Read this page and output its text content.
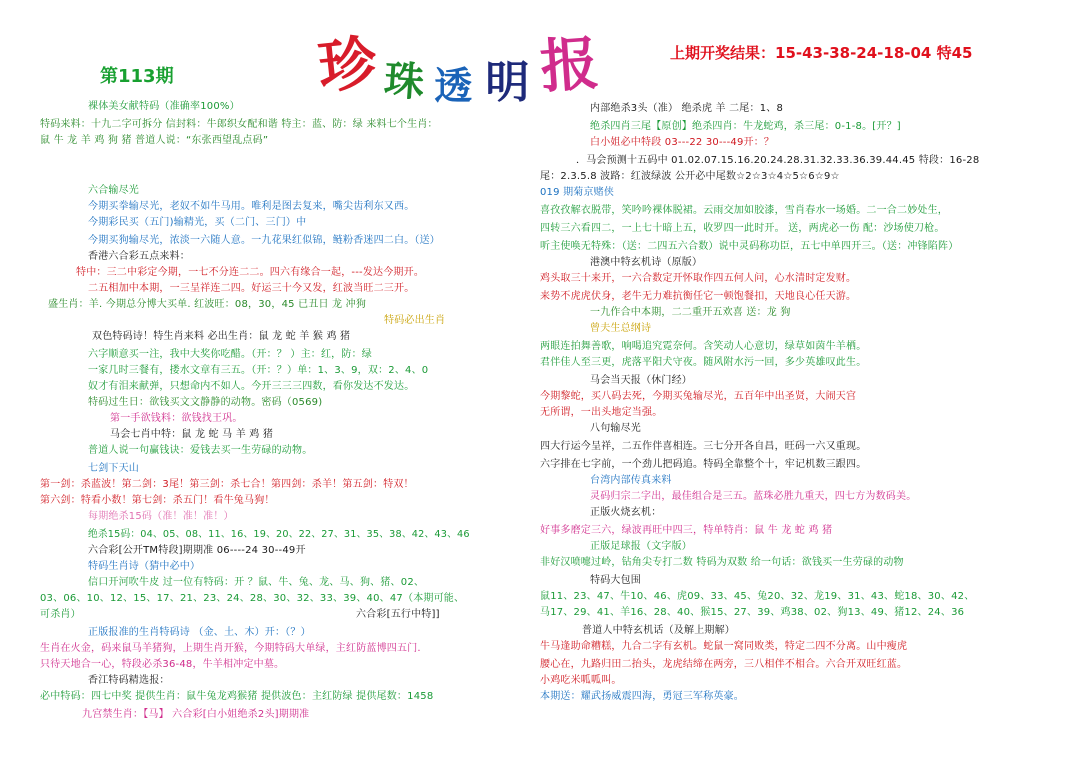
第113期 珍 珠 透 明 报	上期开奖结果：15-43-38-24-18-04 特45
裸体美女献特码（准确率100%）
特码来料：十九二字可拆分 信封料：牛郎织女配和谐 特主：蓝、防：绿 来料七个生肖：
鼠 牛 龙 羊 鸡 狗 猪 普道人说：“东张西望乱点码”
六合输尽光
今期买拳输尽光，老奴不如牛马用。唯利是图去复来，嘴尖齿利东又西。
今期彩民买（五门)输精光，买（二门、三门）中
今期买狗输尽光，浓淡一六随人意。一九花果红似锦，鲢粉香迷四二白。（送）
香港六合彩五点来料：
特中：三二中彩定今期，一七不分连二二。四六有缘合一起，---发达今期开。
二五相加中本期，一三呈祥连二四。好运三十今又发，红波当旺二三开。
盛生肖：羊. 今期总分博大买单. 红波旺：08，30，45 已丑日 龙 冲狗
特码必出生肖
双色特码诗！特生肖来料 必出生肖：鼠 龙 蛇 羊 猴 鸡 猪
六字顺意买一注，我中大奖你吃醋。（开：？ ）主：红，防：绿
一家几时三餐有，搂水文章有三五。（开：？）单：1、3、9，双：2、4、0
奴才有泪来献弹，只想命内不如人。今开三三三四数，看你发达不发达。
特码过生日：欲钱买文文静静的动物。密码（0569)
第一手欲钱料：欲钱找王巩。
马会七肖中特：鼠 龙 蛇 马 羊 鸡 猪
普道人说一句赢钱诀：爱钱去买一生劳碌的动物。
七剑下天山
第一剑：杀蓝波！第二剑：3尾！第三剑：杀七合！第四剑：杀羊！第五剑：特双！
第六剑：特看小数！第七剑：杀五门！看牛兔马狗！
每期绝杀15码（准！准！准！）
绝杀15码：04、05、08、11、16、19、20、22、27、31、35、38、42、43、46
六合彩[公开TM特段]期期准 06----24 30--49开
特码生肖诗（猜中必中）
信口开河吹牛皮 过一位有特码：开 ？鼠、牛、兔、龙、马、狗、猪、02、
03、06、10、12、15、17、21、23、24、28、30、32、33、39、40、47（本期可能、
可杀肖）	六合彩[五行中特]]
正版报准的生肖特码诗 （金、土、木）开：（？）
生肖在火金，码来鼠马羊猪狗，上期生肖开猴，今期特码大单绿，主红防蓝博四五门.
只待天地合一心，特段必杀36-48，牛羊相冲定中墓。
香江特码精选报：
必中特码：四七中奖 提供生肖：鼠牛兔龙鸡猴猪 提供波色：主红防绿 提供尾数：1458
九宫禁生肖：【马】 六合彩[白小姐绝杀2头]期期准
内部绝杀3头（准） 绝杀虎 羊 二尾：1、8
绝杀四肖三尾【原创】绝杀四肖：牛龙蛇鸡，杀三尾：0-1-8。[开？]
白小姐必中特段 03---22 30---49开：？
．马会预测十五码中 01.02.07.15.16.20.24.28.31.32.33.36.39.44.45 特段：16-28
尾：2.3.5.8 波路：红波绿波 公开必中尾数☆2☆3☆4☆5☆6☆9☆
019 期菊京赌侠
喜孜孜解衣脱带，笑吟吟裸体脱裙。云雨交加如胶漆，雪肖春水一场婚。二一合二妙处生，
四转三六看四二，一上七十暗上五，收罗四一此时开。 送，两虎必一伤 配：沙场使刀枪。
听主使唤无特殊：（送：二四五六合数）说中灵码称功臣，五七中单四开三。（送：冲锋陷阵）
港澳中特玄机诗（原版）
鸡头取三十来开，一六合数定开怀取作四五何人问，心水清时定发财。
来势不虎虎伏身，老牛无力难抗衡任它一顿饱餐扣，天地良心任天游。
一九作合中本期，二二重开五欢喜 送：龙 狗
曾夫生总纲诗
两眼连拍舞善歌，响喝追究霓奈何。含笑动人心意切，绿草如茵牛羊栖。
君伴佳人至三更，虎落平阳犬守夜。随风附水污一回，多少英雄叹此生。
马会当天报（休门经）
今期黎蛇，买八码去死，今期买兔输尽光，五百年中出圣贤，大闹天宫
无所谓，一出头地定当强。
八句输尽光
四大行运今呈祥，二五作伴喜相连。三七分开各自昌，旺码一六又重现。
六字排在七字前，一个劲儿把码追。特码全靠整个十，牢记机数三跟四。
台湾内部传真来料
灵码归宗二字出，最佳组合是三五。蓝珠必胜九重天，四七方为数码美。
正版火烧玄机：
好事多磨定三六，绿波再旺中四三，特单特肖：鼠 牛 龙 蛇 鸡 猪
正版足球报（文字版）
非好汉喷嚏过岭，钻角尖专打二数 特码为双数 给一句话：欲钱买一生劳碌的动物
特码大包围
鼠11、23、47、牛10、46、虎09、33、45、兔20、32、龙19、31、43、蛇18、30、42、
马17、29、41、羊16、28、40、猴15、27、39、鸡38、02、狗13、49、猪12、24、36
普道人中特玄机话（及解上期解）
牛马逢助命糟糕，九合二字有玄机。蛇鼠一窝同败类，特定二四不分离。山中瘦虎
腰心在，九路归田二抬头，龙虎结缔在两旁，三八相伴不相合。六合开双旺红蓝。
小鸡吃米呱呱叫。
本期送：耀武扬威震四海，勇冠三军称英豪。
